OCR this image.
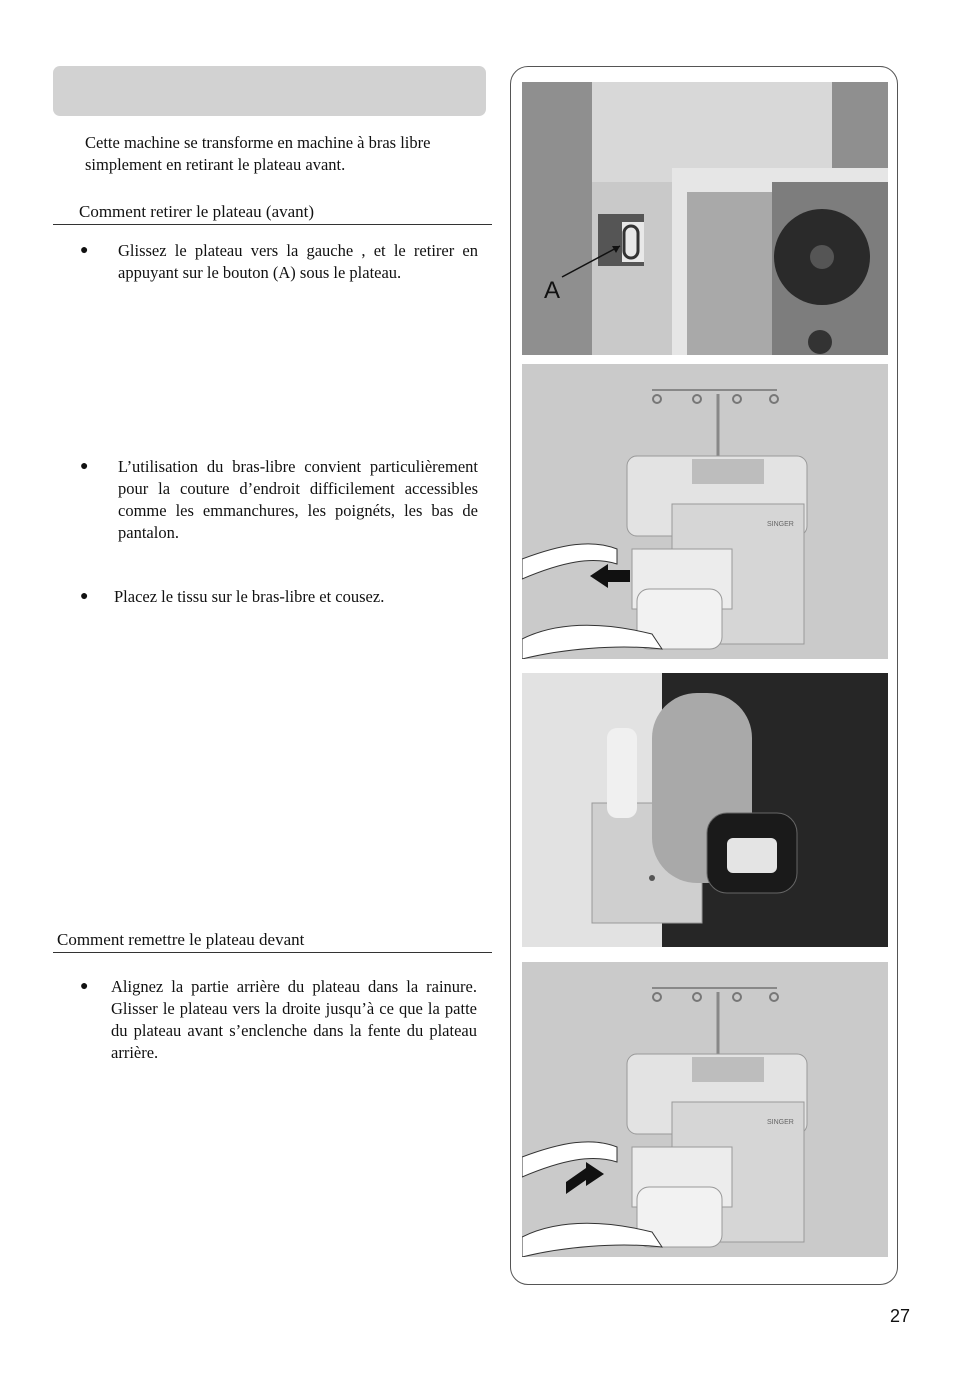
Cette machine se transforme en machine à bras libre simplement en retirant le plateau avant.

Comment retirer le plateau (avant)
● Glissez le plateau vers la gauche , et le retirer en appuyant sur le bouton (A) sous le plateau.
● L’utilisation du bras-libre convient particulièrement pour la couture d’endroit difficilement accessibles comme les emmanchures, les poignéts, les bas de pantalon.
● Placez le tissu sur le bras-libre et cousez.
Comment remettre le plateau devant
● Alignez la partie arrière du plateau dans la rainure. Glisser le plateau vers la droite jusqu’à ce que la patte du plateau avant s’enclenche dans la fente du plateau arrière.
A
SINGER
SINGER
27
